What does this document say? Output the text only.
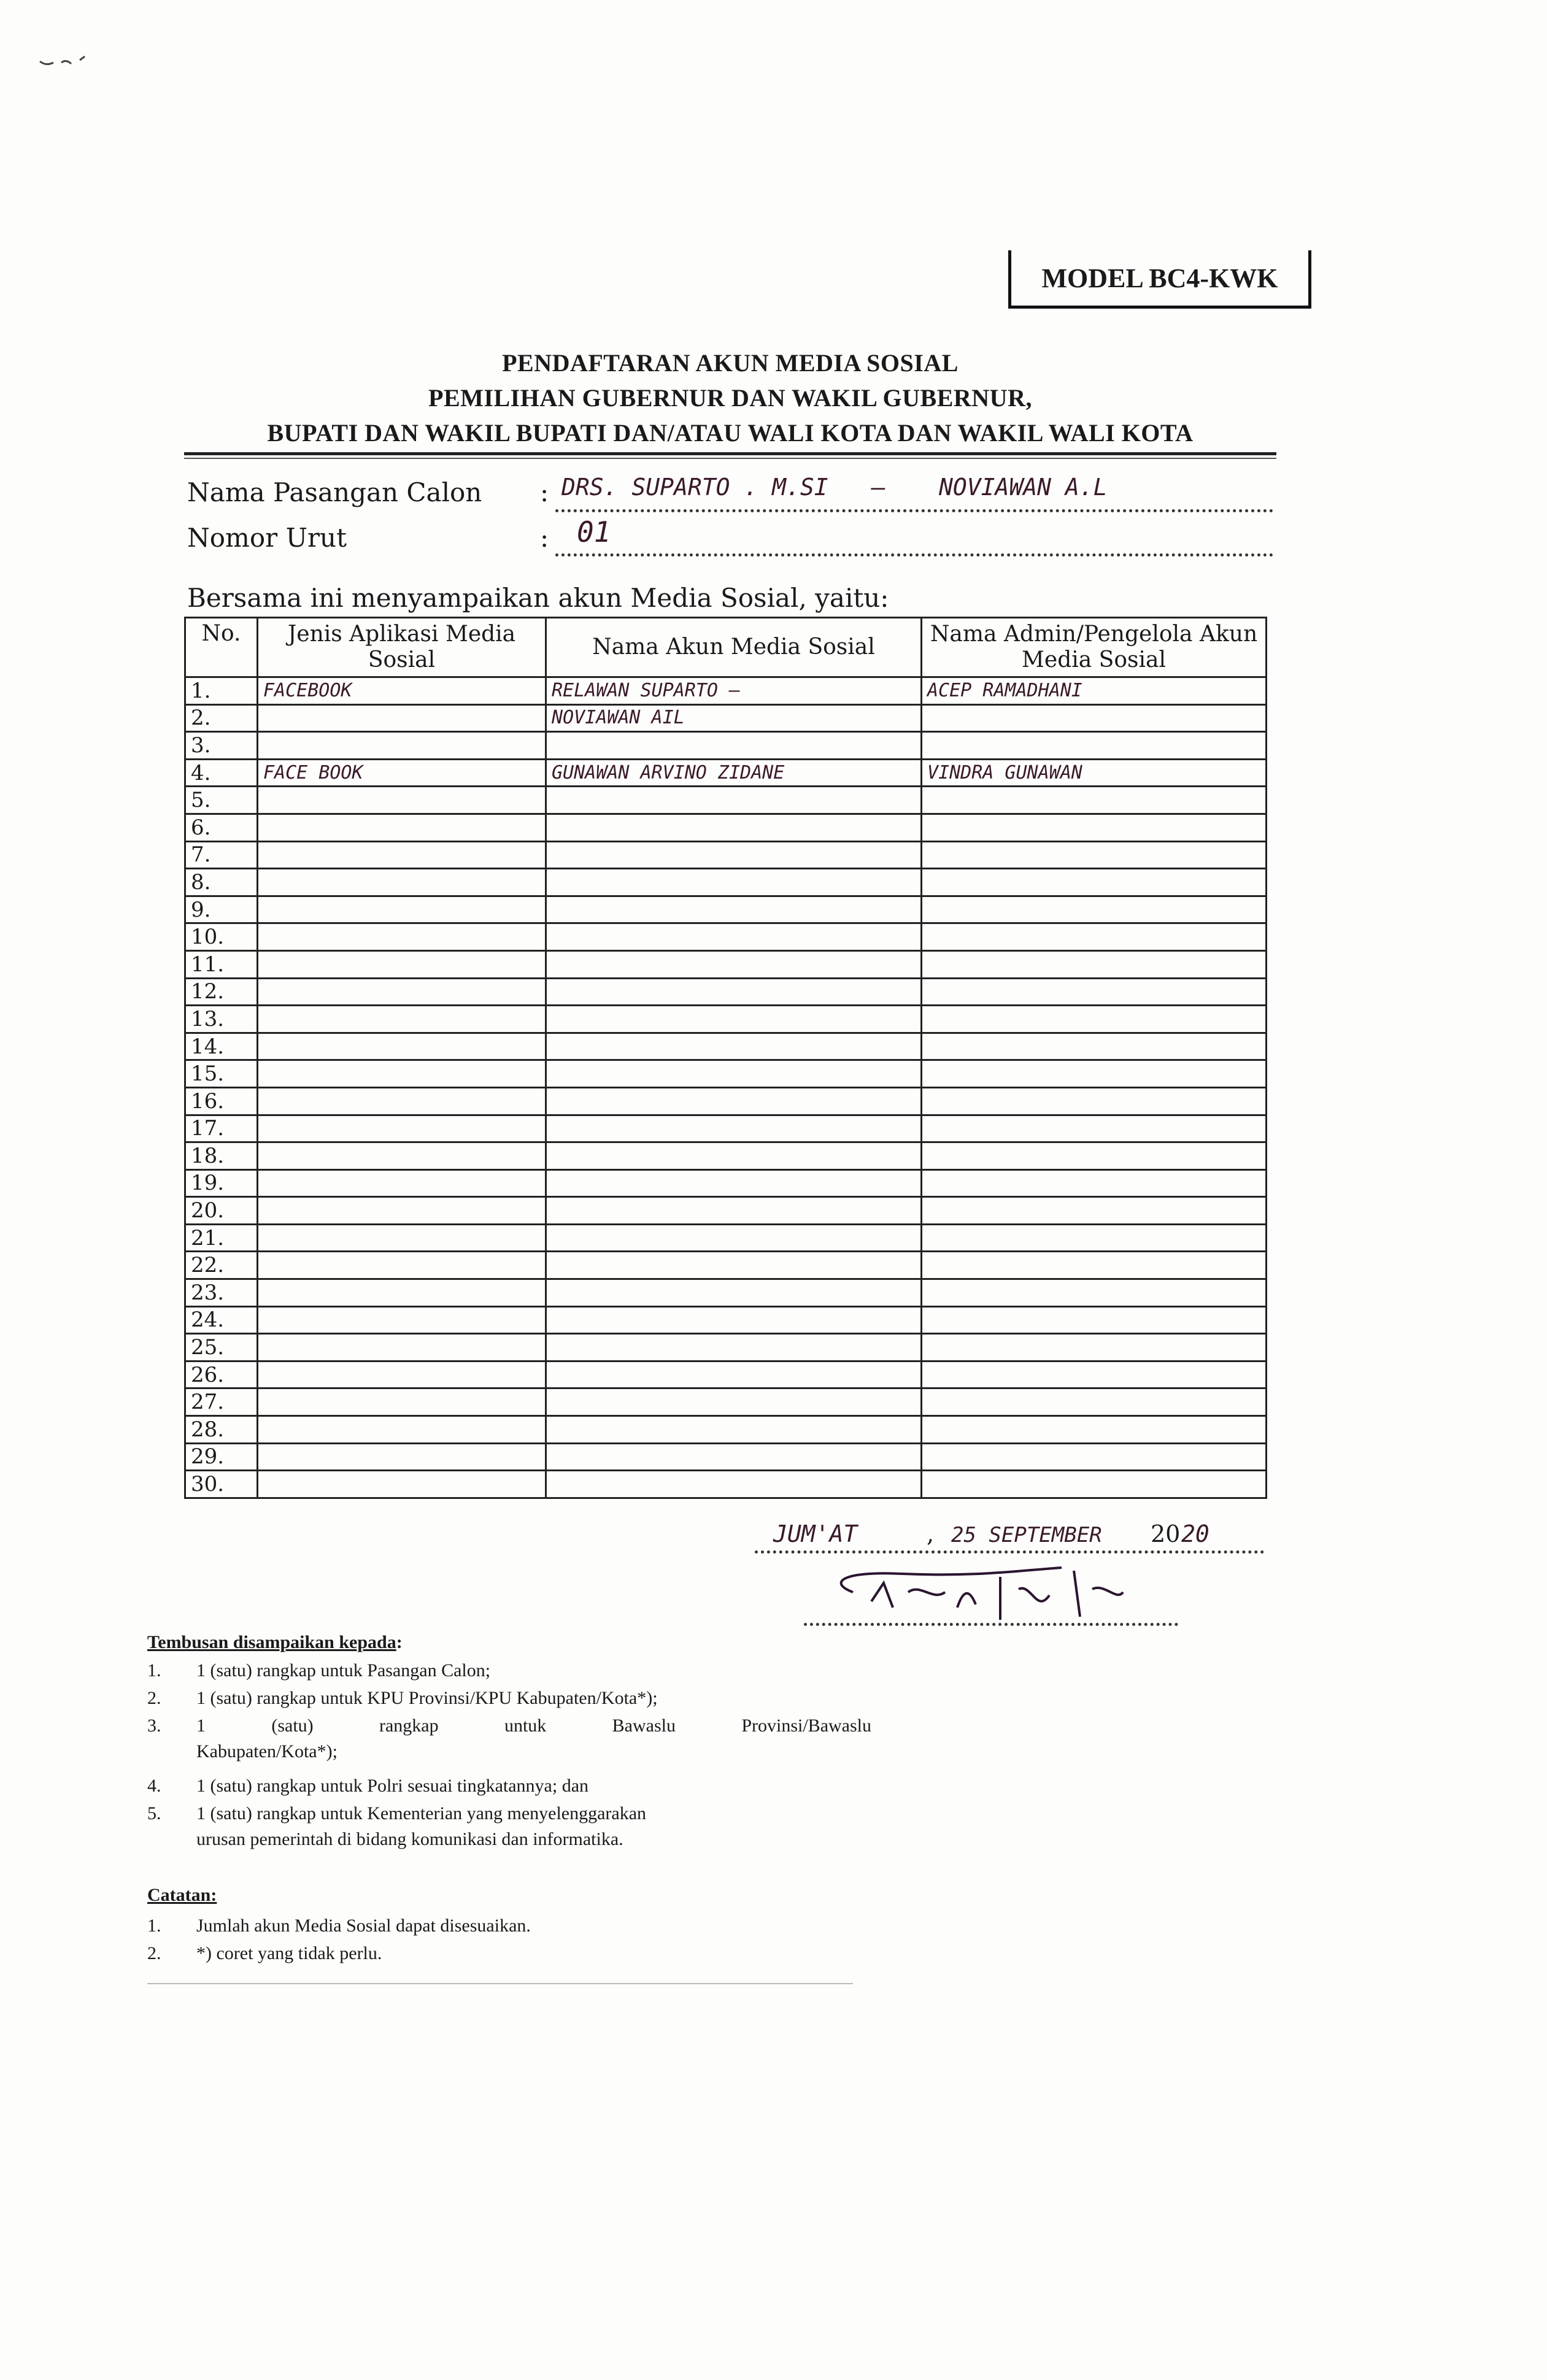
MODEL BC4-KWK
PENDAFTARAN AKUN MEDIA SOSIAL
PEMILIHAN GUBERNUR DAN WAKIL GUBERNUR,
BUPATI DAN WAKIL BUPATI DAN/ATAU WALI KOTA DAN WAKIL WALI KOTA
Nama Pasangan Calon : DRS. SUPARTO . M.SI — NOVIAWAN A.L
Nomor Urut	: 01
Bersama ini menyampaikan akun Media Sosial, yaitu:
No.	Jenis Aplikasi Media Sosial	Nama Akun Media Sosial	Nama Admin/Pengelola Akun Media Sosial
1.	FACEBOOK	RELAWAN SUPARTO —	ACEP RAMADHANI
2.		NOVIAWAN AIL	
3.			
4.	FACE BOOK	GUNAWAN ARVINO ZIDANE	VINDRA GUNAWAN
5.			
6.			
7.			
8.			
9.			
10.			
11.			
12.			
13.			
14.			
15.			
16.			
17.			
18.			
19.			
20.			
21.			
22.			
23.			
24.			
25.			
26.			
27.			
28.			
29.			
30.			
JUM'AT	, 25 SEPTEMBER 20 20
Tembusan disampaikan kepada:
1. 1 (satu) rangkap untuk Pasangan Calon;
2. 1 (satu) rangkap untuk KPU Provinsi/KPU Kabupaten/Kota*);
3. 1 (satu) rangkap untuk Bawaslu Provinsi/Bawaslu
Kabupaten/Kota*);
4. 1 (satu) rangkap untuk Polri sesuai tingkatannya; dan
5. 1 (satu) rangkap untuk Kementerian yang menyelenggarakan
urusan pemerintah di bidang komunikasi dan informatika.
Catatan:
1. Jumlah akun Media Sosial dapat disesuaikan.
2. *) coret yang tidak perlu.
